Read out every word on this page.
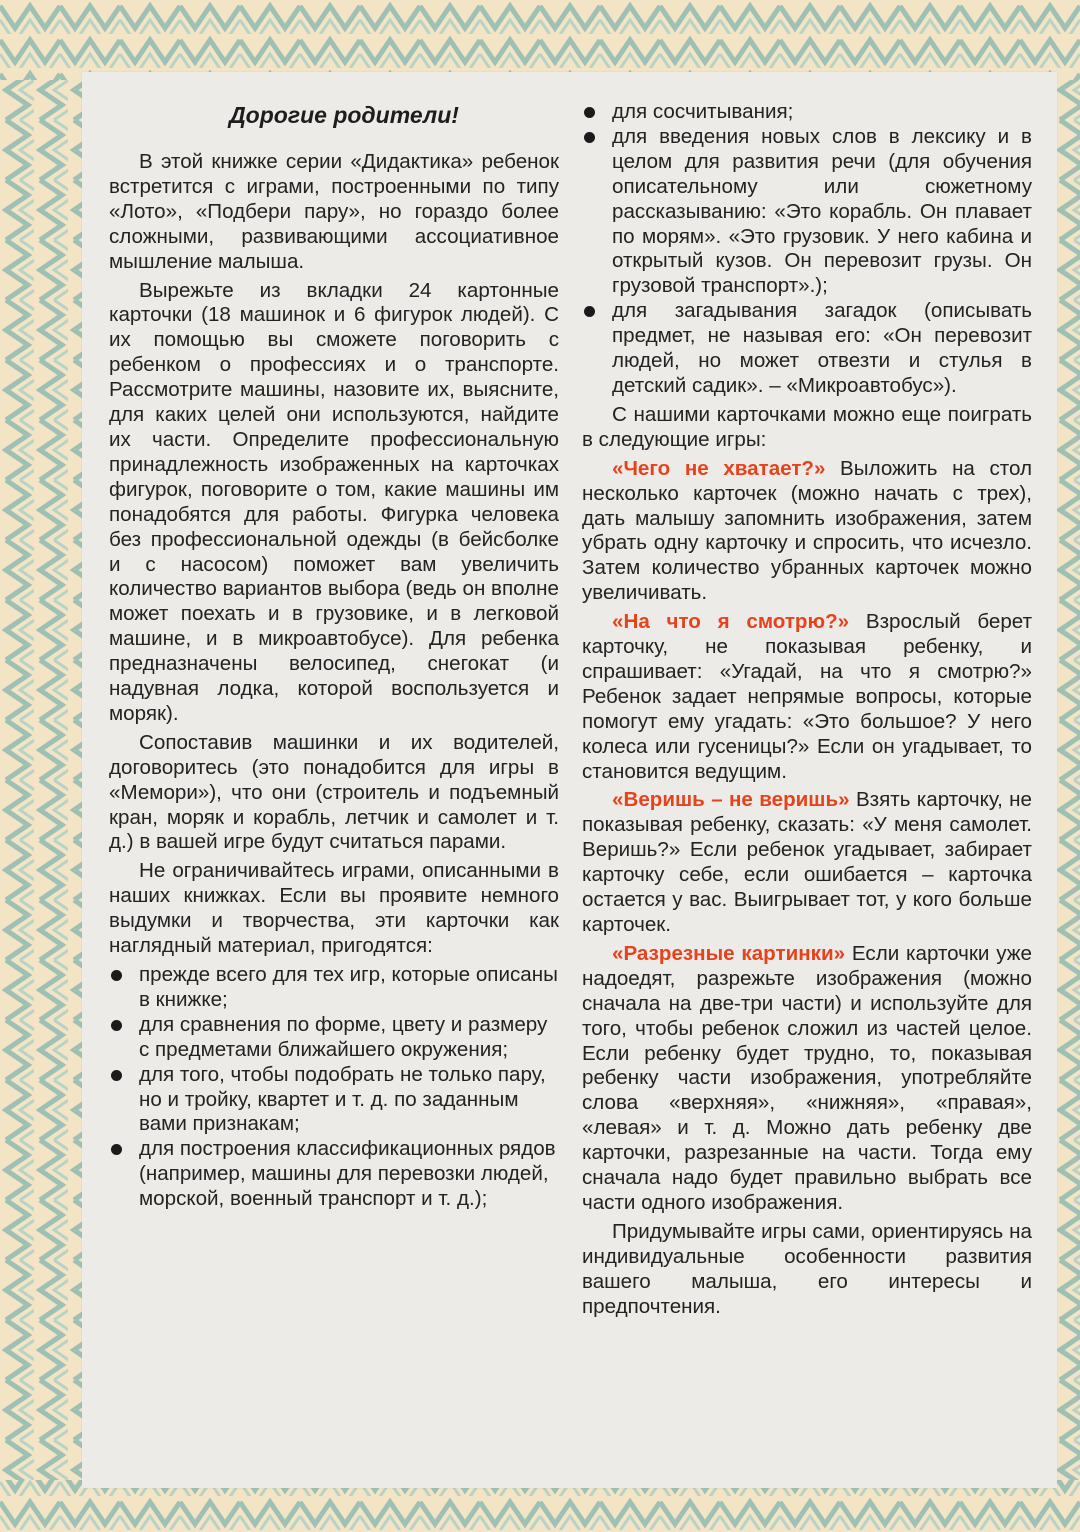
Дорогие родители!

В этой книжке серии «Дидактика» ребенок встретится с играми, построенными по типу «Лото», «Подбери пару», но гораздо более сложными, развивающими ассоциативное мышление малыша.

Вырежьте из вкладки 24 картонные карточки (18 машинок и 6 фигурок людей). С их помощью вы сможете поговорить с ребенком о профессиях и о транспорте. Рассмотрите машины, назовите их, выясните, для каких целей они используются, найдите их части. Определите профессиональную принадлежность изображенных на карточках фигурок, поговорите о том, какие машины им понадобятся для работы. Фигурка человека без профессиональной одежды (в бейсболке и с насосом) поможет вам увеличить количество вариантов выбора (ведь он вполне может поехать и в грузовике, и в легковой машине, и в микроавтобусе). Для ребенка предназначены велосипед, снегокат (и надувная лодка, которой воспользуется и моряк).

Сопоставив машинки и их водителей, договоритесь (это понадобится для игры в «Мемори»), что они (строитель и подъемный кран, моряк и корабль, летчик и самолет и т. д.) в вашей игре будут считаться парами.

Не ограничивайтесь играми, описанными в наших книжках. Если вы проявите немного выдумки и творчества, эти карточки как наглядный материал, пригодятся:

прежде всего для тех игр, которые описаны в книжке;
для сравнения по форме, цвету и размеру с предметами ближайшего окружения;
для того, чтобы подобрать не только пару, но и тройку, квартет и т. д. по заданным вами признакам;
для построения классификационных рядов (например, машины для перевозки людей, морской, военный транспорт и т. д.);
для сосчитывания;
для введения новых слов в лексику и в целом для развития речи (для обучения описательному или сюжетному рассказыванию: «Это корабль. Он плавает по морям». «Это грузовик. У него кабина и открытый кузов. Он перевозит грузы. Он грузовой транспорт».);
для загадывания загадок (описывать предмет, не называя его: «Он перевозит людей, но может отвезти и стулья в детский садик». – «Микроавтобус»).

С нашими карточками можно еще поиграть в следующие игры:

«Чего не хватает?» Выложить на стол несколько карточек (можно начать с трех), дать малышу запомнить изображения, затем убрать одну карточку и спросить, что исчезло. Затем количество убранных карточек можно увеличивать.

«На что я смотрю?» Взрослый берет карточку, не показывая ребенку, и спрашивает: «Угадай, на что я смотрю?» Ребенок задает непрямые вопросы, которые помогут ему угадать: «Это большое? У него колеса или гусеницы?» Если он угадывает, то становится ведущим.

«Веришь – не веришь» Взять карточку, не показывая ребенку, сказать: «У меня самолет. Веришь?» Если ребенок угадывает, забирает карточку себе, если ошибается – карточка остается у вас. Выигрывает тот, у кого больше карточек.

«Разрезные картинки» Если карточки уже надоедят, разрежьте изображения (можно сначала на две-три части) и используйте для того, чтобы ребенок сложил из частей целое. Если ребенку будет трудно, то, показывая ребенку части изображения, употребляйте слова «верхняя», «нижняя», «правая», «левая» и т. д. Можно дать ребенку две карточки, разрезанные на части. Тогда ему сначала надо будет правильно выбрать все части одного изображения.

Придумывайте игры сами, ориентируясь на индивидуальные особенности развития вашего малыша, его интересы и предпочтения.
